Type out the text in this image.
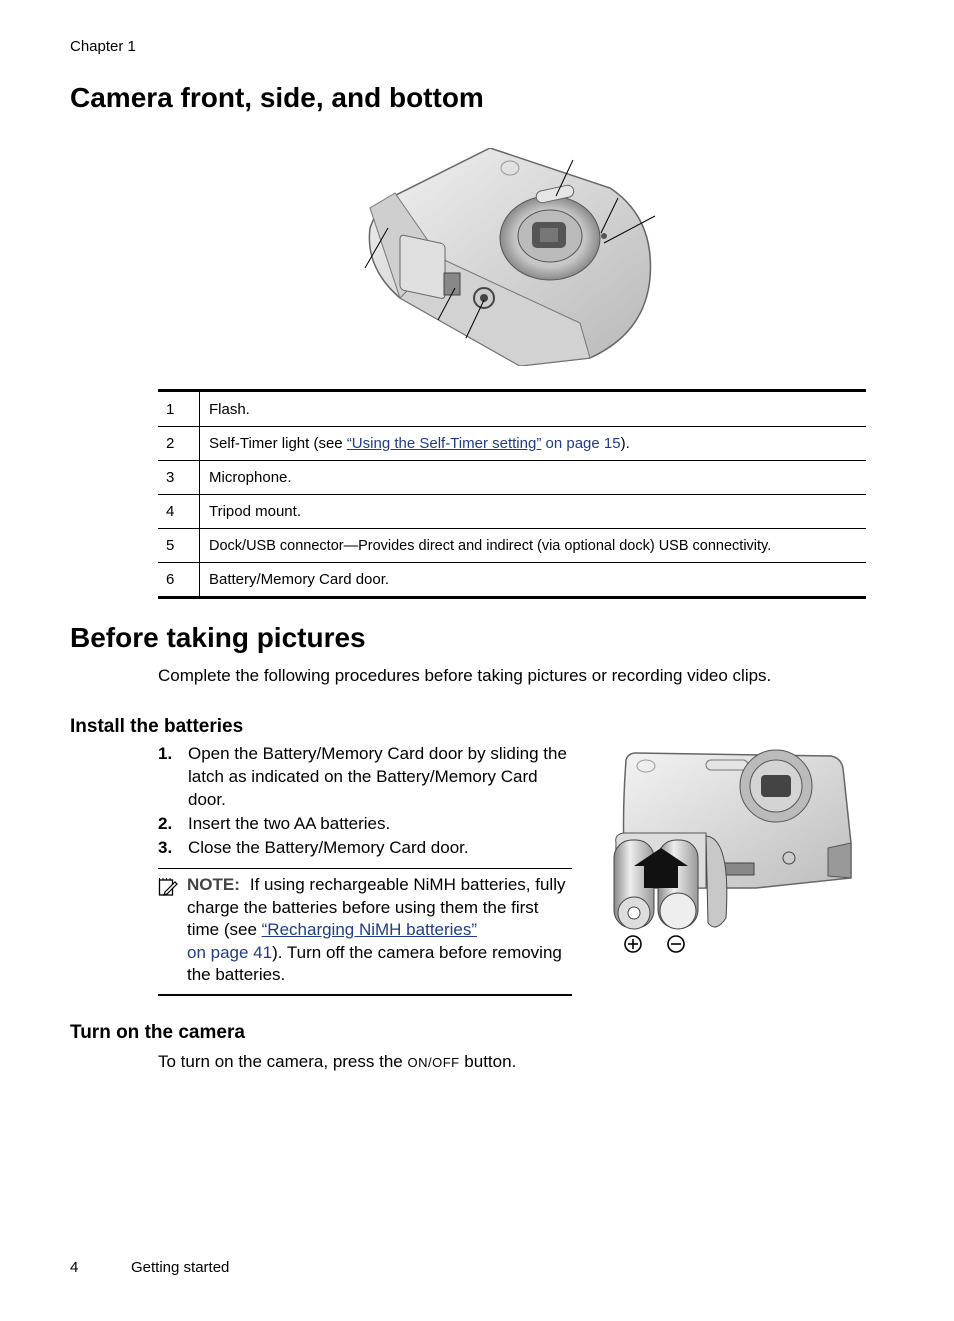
Chapter 1
Camera front, side, and bottom
1	Flash.
2	Self-Timer light (see “Using the Self-Timer setting” on page 15).
3	Microphone.
4	Tripod mount.
5	Dock/USB connector—Provides direct and indirect (via optional dock) USB connectivity.
6	Battery/Memory Card door.
Before taking pictures
Complete the following procedures before taking pictures or recording video clips.
Install the batteries
1. Open the Battery/Memory Card door by sliding the latch as indicated on the Battery/Memory Card door.
2. Insert the two AA batteries.
3. Close the Battery/Memory Card door.
NOTE: If using rechargeable NiMH batteries, fully charge the batteries before using them the first time (see “Recharging NiMH batteries”
on page 41). Turn off the camera before removing the batteries.
Turn on the camera
To turn on the camera, press the ON/OFF button.
4	Getting started
